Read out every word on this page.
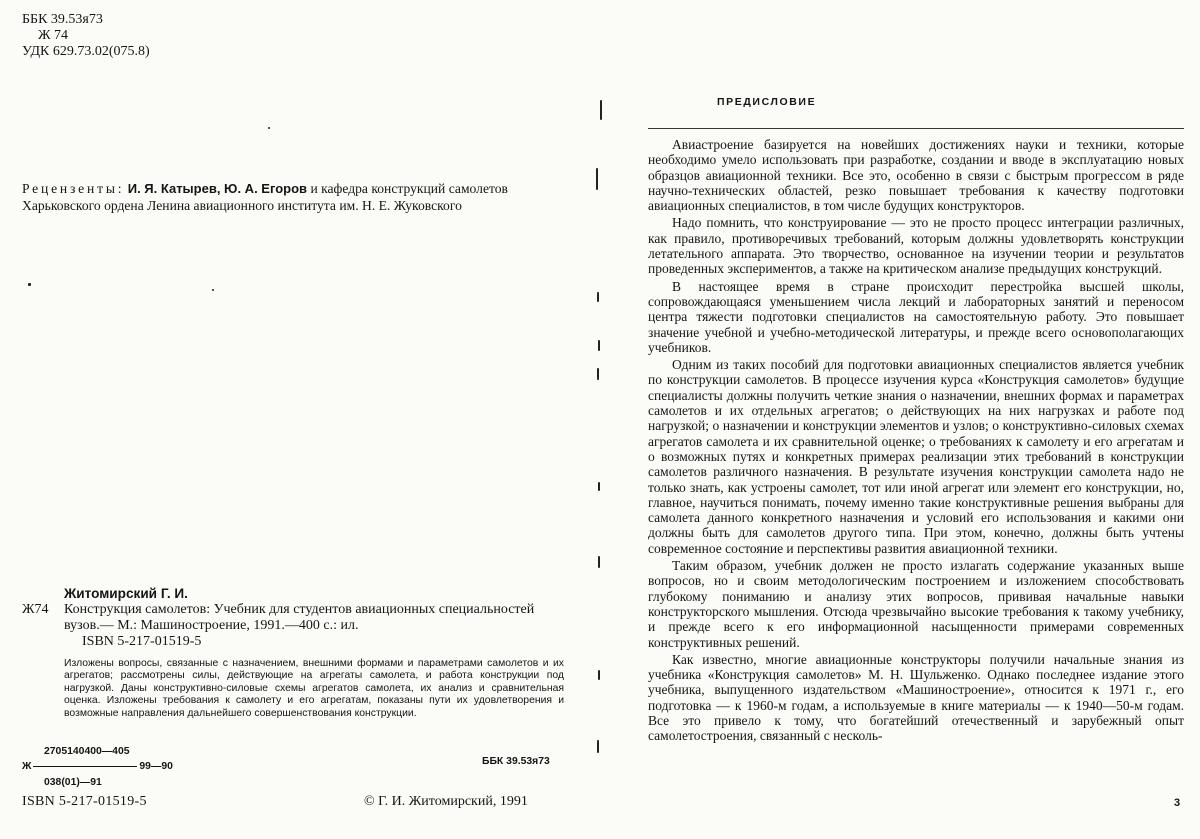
ББК 39.53я73
Ж 74
УДК 629.73.02(075.8)
Рецензенты: И. Я. Катырев, Ю. А. Егоров и кафедра конструкций самолетов Харьковского ордена Ленина авиационного института им. Н. Е. Жуковского
Житомирский Г. И.
Ж74	Конструкция самолетов: Учебник для студентов авиационных специальностей вузов.— М.: Машиностроение, 1991.—400 с.: ил.

ISBN 5-217-01519-5

Изложены вопросы, связанные с назначением, внешними формами и параметрами самолетов и их агрегатов; рассмотрены силы, действующие на агрегаты самолета, и работа конструкции под нагрузкой. Даны конструктивно-силовые схемы агрегатов самолета, их анализ и сравнительная оценка. Изложены требования к самолету и его агрегатам, показаны пути их удовлетворения и возможные направления дальнейшего совершенствования конструкции.
2705140400—405
Ж	99—90
038(01)—91
ББК 39.53я73
ISBN 5-217-01519-5	© Г. И. Житомирский, 1991
ПРЕДИСЛОВИЕ

Авиастроение базируется на новейших достижениях науки и техники, которые необходимо умело использовать при разработке, создании и вводе в эксплуатацию новых образцов авиационной техники. Все это, особенно в связи с быстрым прогрессом в ряде научно-технических областей, резко повышает требования к качеству подготовки авиационных специалистов, в том числе будущих конструкторов.

Надо помнить, что конструирование — это не просто процесс интеграции различных, как правило, противоречивых требований, которым должны удовлетворять конструкции летательного аппарата. Это творчество, основанное на изучении теории и результатов проведенных экспериментов, а также на критическом анализе предыдущих конструкций.

В настоящее время в стране происходит перестройка высшей школы, сопровождающаяся уменьшением числа лекций и лабораторных занятий и переносом центра тяжести подготовки специалистов на самостоятельную работу. Это повышает значение учебной и учебно-методической литературы, и прежде всего основополагающих учебников.

Одним из таких пособий для подготовки авиационных специалистов является учебник по конструкции самолетов. В процессе изучения курса «Конструкция самолетов» будущие специалисты должны получить четкие знания о назначении, внешних формах и параметрах самолетов и их отдельных агрегатов; о действующих на них нагрузках и работе под нагрузкой; о назначении и конструкции элементов и узлов; о конструктивно-силовых схемах агрегатов самолета и их сравнительной оценке; о требованиях к самолету и его агрегатам и о возможных путях и конкретных примерах реализации этих требований в конструкции самолетов различного назначения. В результате изучения конструкции самолета надо не только знать, как устроены самолет, тот или иной агрегат или элемент его конструкции, но, главное, научиться понимать, почему именно такие конструктивные решения выбраны для самолета данного конкретного назначения и условий его использования и какими они должны быть для самолетов другого типа. При этом, конечно, должны быть учтены современное состояние и перспективы развития авиационной техники.

Таким образом, учебник должен не просто излагать содержание указанных выше вопросов, но и своим методологическим построением и изложением способствовать глубокому пониманию и анализу этих вопросов, прививая начальные навыки конструкторского мышления. Отсюда чрезвычайно высокие требования к такому учебнику, и прежде всего к его информационной насыщенности примерами современных конструктивных решений.

Как известно, многие авиационные конструкторы получили начальные знания из учебника «Конструкция самолетов» М. Н. Шульженко. Однако последнее издание этого учебника, выпущенного издательством «Машиностроение», относится к 1971 г., его подготовка — к 1960-м годам, а используемые в книге материалы — к 1940—50-м годам. Все это привело к тому, что богатейший отечественный и зарубежный опыт самолетостроения, связанный с несколь-

3
